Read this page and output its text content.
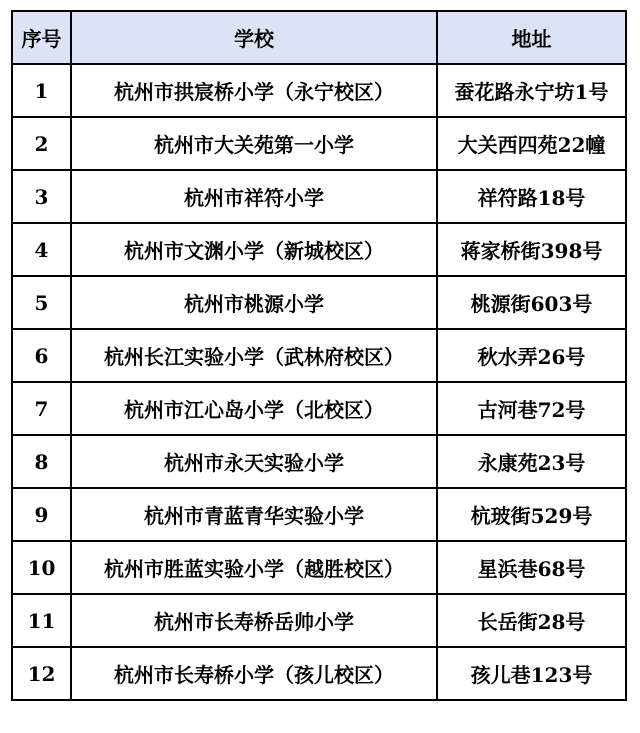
序号	学校	地址
1	杭州市拱宸桥小学（永宁校区）	蚕花路永宁坊1号
2	杭州市大关苑第一小学	大关西四苑22幢
3	杭州市祥符小学	祥符路18号
4	杭州市文渊小学（新城校区）	蒋家桥街398号
5	杭州市桃源小学	桃源街603号
6	杭州长江实验小学（武林府校区）	秋水弄26号
7	杭州市江心岛小学（北校区）	古河巷72号
8	杭州市永天实验小学	永康苑23号
9	杭州市青蓝青华实验小学	杭玻街529号
10	杭州市胜蓝实验小学（越胜校区）	星浜巷68号
11	杭州市长寿桥岳帅小学	长岳街28号
12	杭州市长寿桥小学（孩儿校区）	孩儿巷123号
